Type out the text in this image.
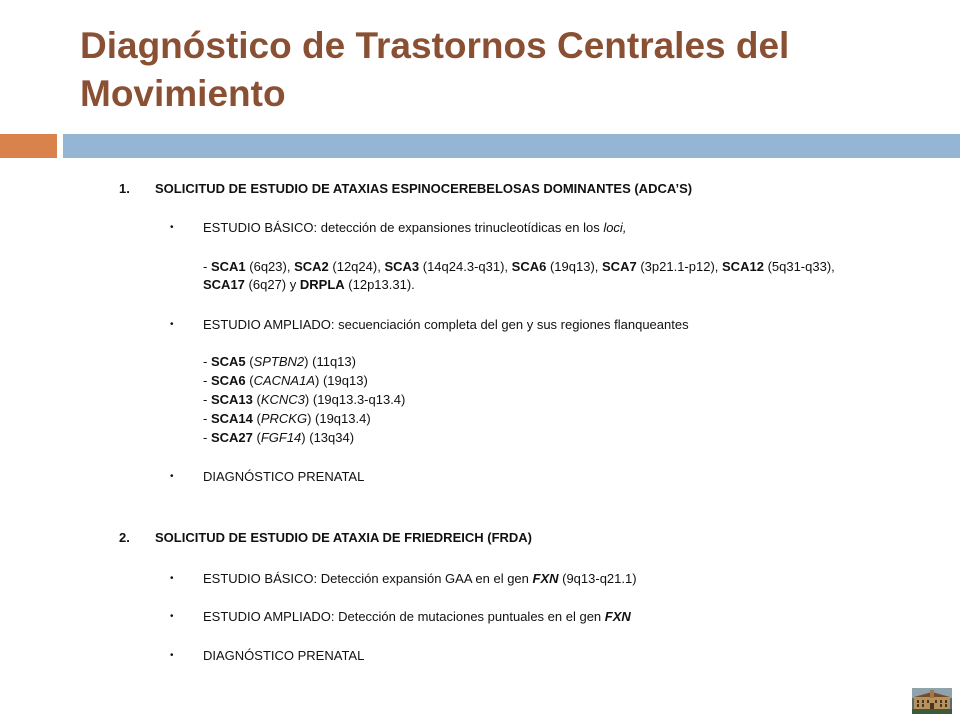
Diagnóstico de Trastornos Centrales del Movimiento
1. SOLICITUD DE ESTUDIO DE ATAXIAS ESPINOCEREBELOSAS DOMINANTES (ADCA’S)
• ESTUDIO BÁSICO: detección de expansiones trinucleotídicas en los loci,
- SCA1 (6q23), SCA2 (12q24), SCA3 (14q24.3-q31), SCA6 (19q13), SCA7 (3p21.1-p12), SCA12 (5q31-q33),
SCA17 (6q27) y DRPLA (12p13.31).
• ESTUDIO AMPLIADO: secuenciación completa del gen y sus regiones flanqueantes
- SCA5 (SPTBN2) (11q13)
- SCA6 (CACNA1A) (19q13)
- SCA13 (KCNC3) (19q13.3-q13.4)
- SCA14 (PRCKG) (19q13.4)
- SCA27 (FGF14) (13q34)
• DIAGNÓSTICO PRENATAL
2. SOLICITUD DE ESTUDIO DE ATAXIA DE FRIEDREICH (FRDA)
• ESTUDIO BÁSICO: Detección expansión GAA en el gen FXN (9q13-q21.1)
• ESTUDIO AMPLIADO: Detección de mutaciones puntuales en el gen FXN
• DIAGNÓSTICO PRENATAL
